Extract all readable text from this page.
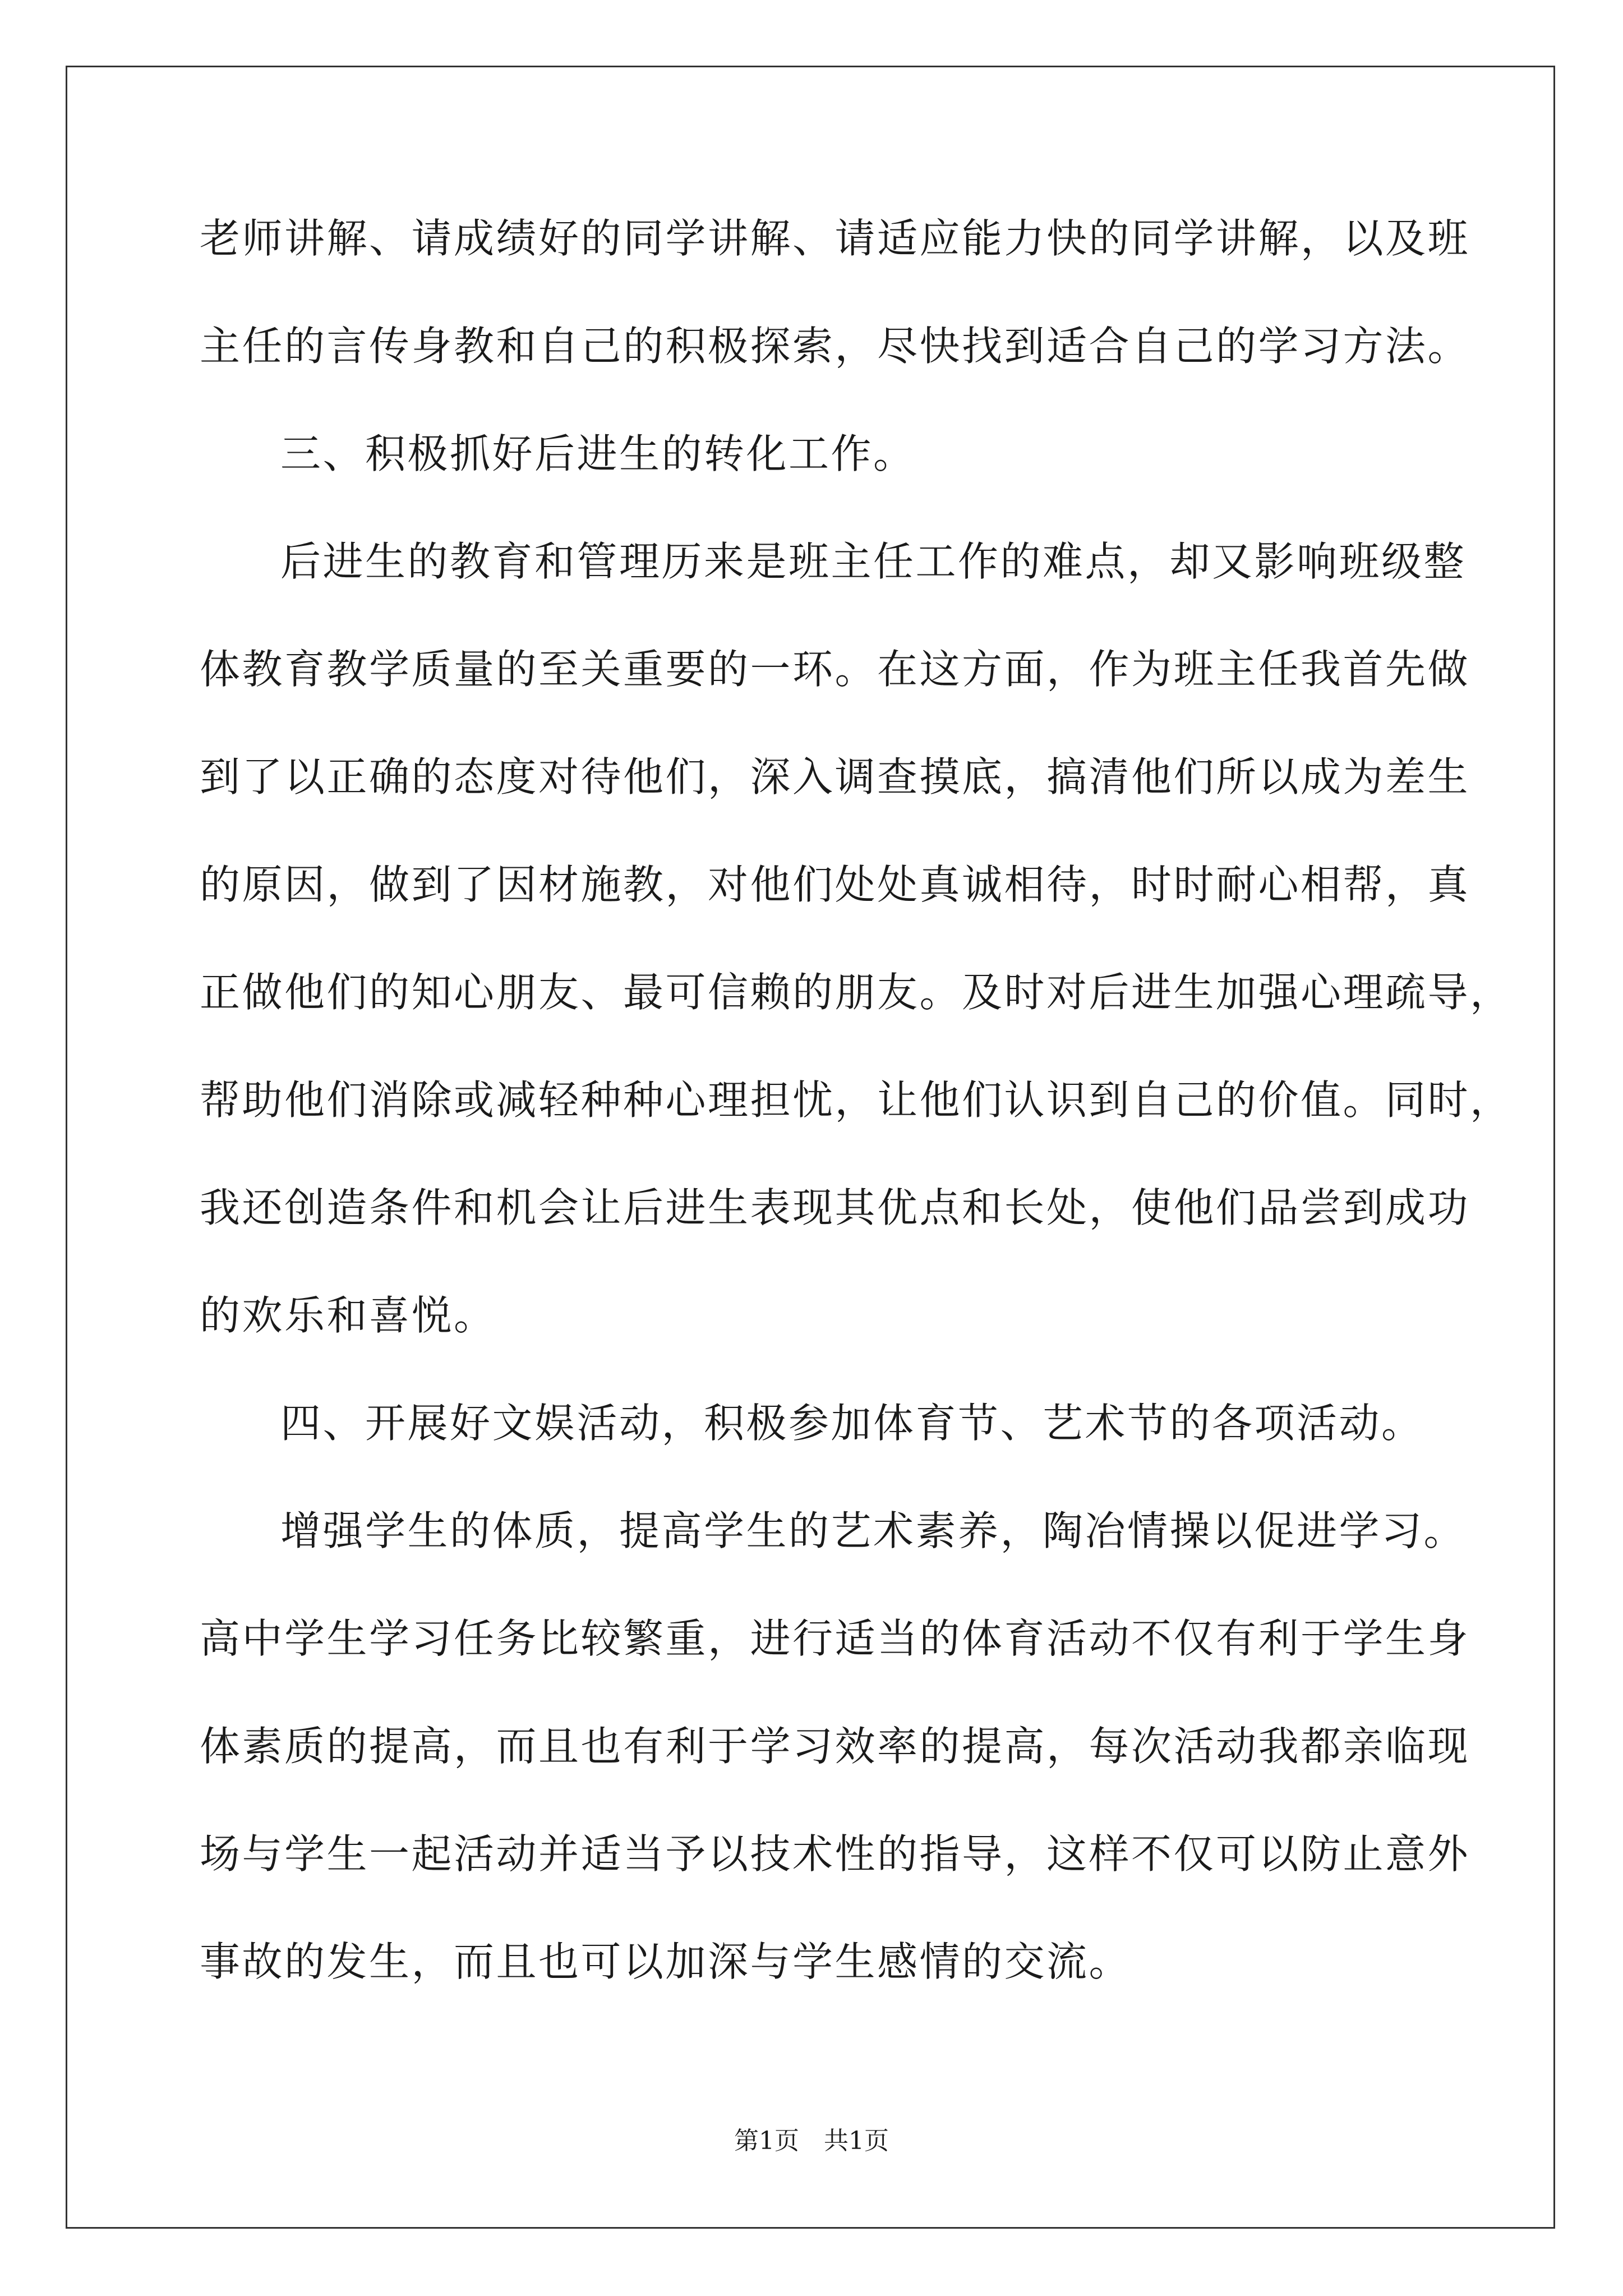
老师讲解、请成绩好的同学讲解、请适应能力快的同学讲解，以及班
主任的言传身教和自己的积极探索，尽快找到适合自己的学习方法。
三、积极抓好后进生的转化工作。
后进生的教育和管理历来是班主任工作的难点，却又影响班级整
体教育教学质量的至关重要的一环。在这方面，作为班主任我首先做
到了以正确的态度对待他们，深入调查摸底，搞清他们所以成为差生
的原因，做到了因材施教，对他们处处真诚相待，时时耐心相帮，真
正做他们的知心朋友、最可信赖的朋友。及时对后进生加强心理疏导，
帮助他们消除或减轻种种心理担忧，让他们认识到自己的价值。同时，
我还创造条件和机会让后进生表现其优点和长处，使他们品尝到成功
的欢乐和喜悦。
四、开展好文娱活动，积极参加体育节、艺术节的各项活动。
增强学生的体质，提高学生的艺术素养，陶冶情操以促进学习。
高中学生学习任务比较繁重，进行适当的体育活动不仅有利于学生身
体素质的提高，而且也有利于学习效率的提高，每次活动我都亲临现
场与学生一起活动并适当予以技术性的指导，这样不仅可以防止意外
事故的发生，而且也可以加深与学生感情的交流。
第1页　共1页
